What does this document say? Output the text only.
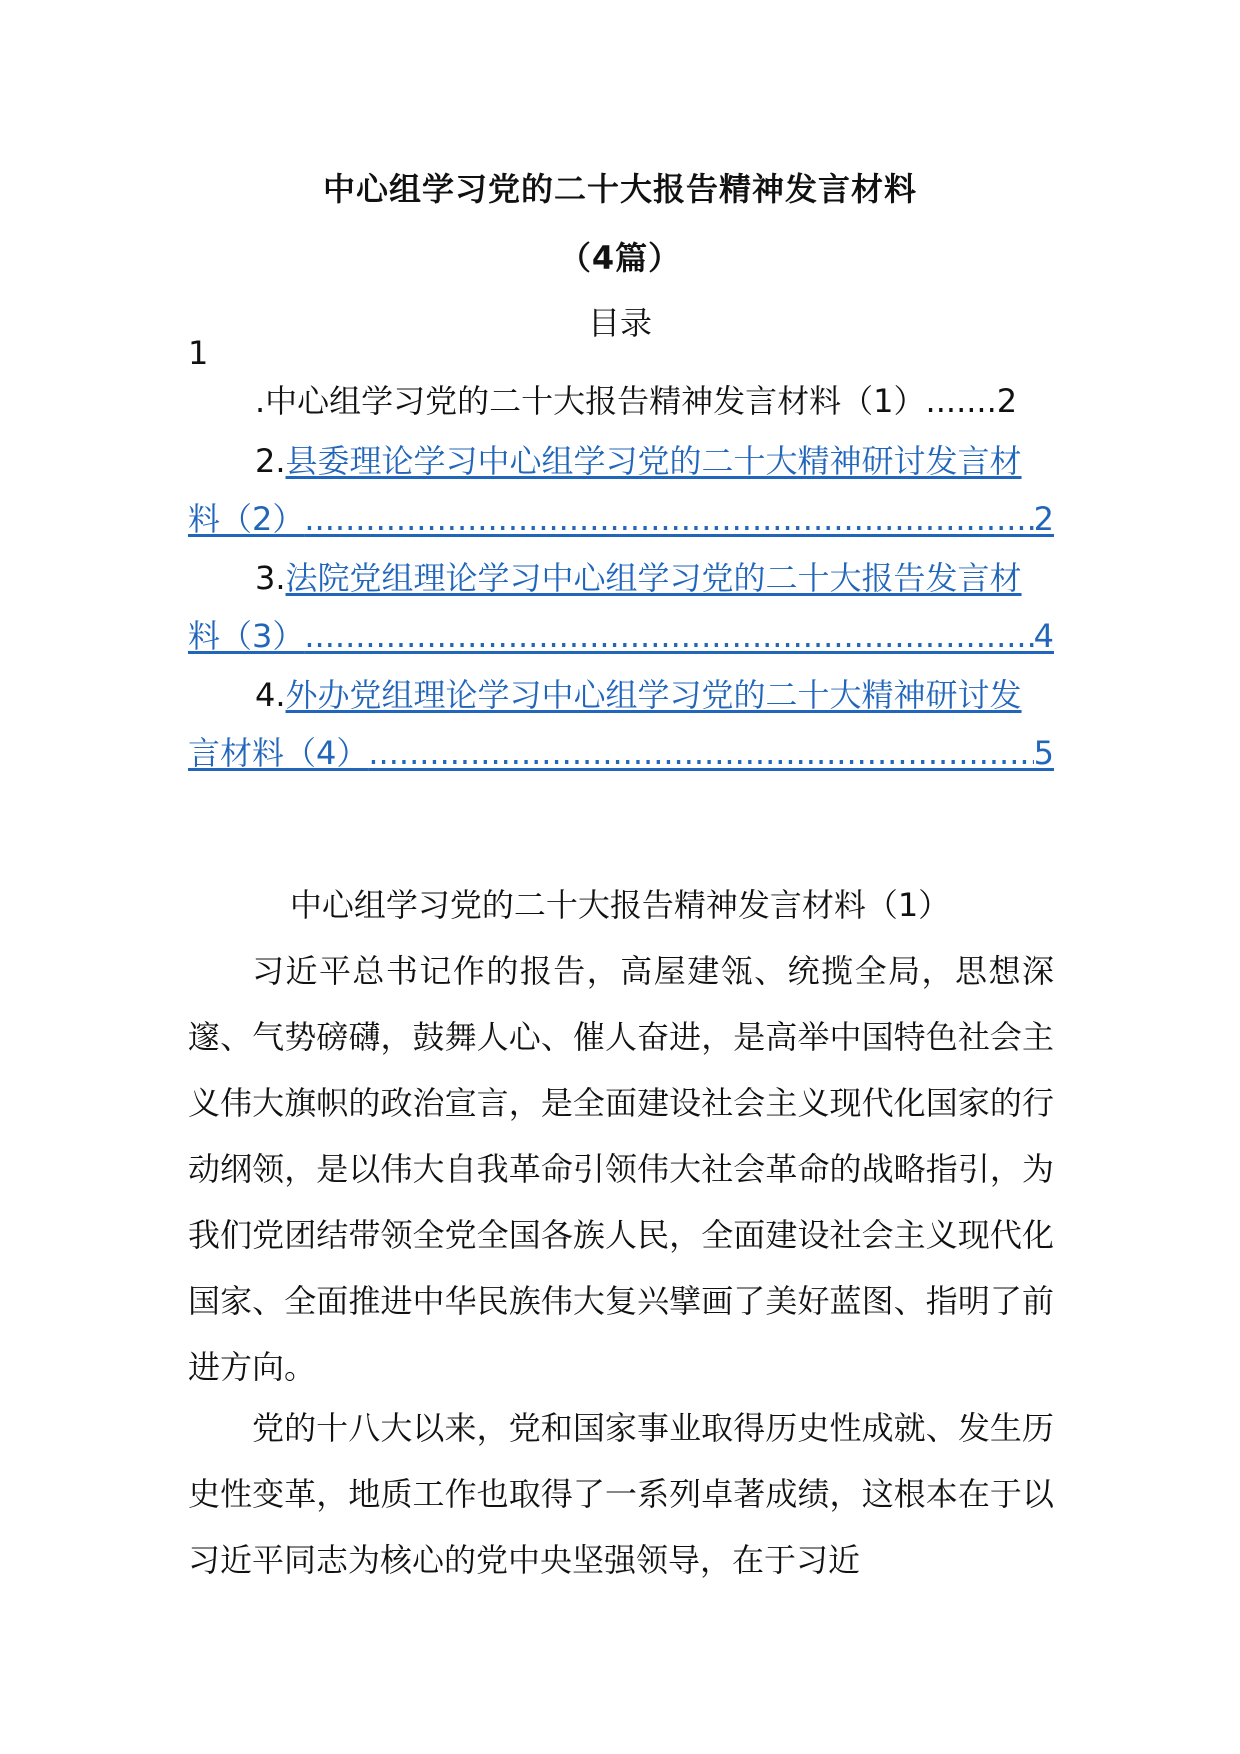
中心组学习党的二十大报告精神发言材料
（4篇）
目录
1
. 中心组学习党的二十大报告精神发言材料（1） ....... 2
2. 县委理论学习中心组学习党的二十大精神研讨发言材
料（2） .....	2
3. 法院党组理论学习中心组学习党的二十大报告发言材
料（3） .....	4
4. 外办党组理论学习中心组学习党的二十大精神研讨发
言材料（4） .....	5
中心组学习党的二十大报告精神发言材料（1）
习近平总书记作的报告，高屋建瓴、统揽全局，思想深邃、气势磅礴，鼓舞人心、催人奋进，是高举中国特色社会主义伟大旗帜的政治宣言，是全面建设社会主义现代化国家的行动纲领，是以伟大自我革命引领伟大社会革命的战略指引，为我们党团结带领全党全国各族人民，全面建设社会主义现代化国家、全面推进中华民族伟大复兴擘画了美好蓝图、指明了前进方向。
党的十八大以来，党和国家事业取得历史性成就、发生历史性变革，地质工作也取得了一系列卓著成绩，这根本在于以习近平同志为核心的党中央坚强领导，在于习近
